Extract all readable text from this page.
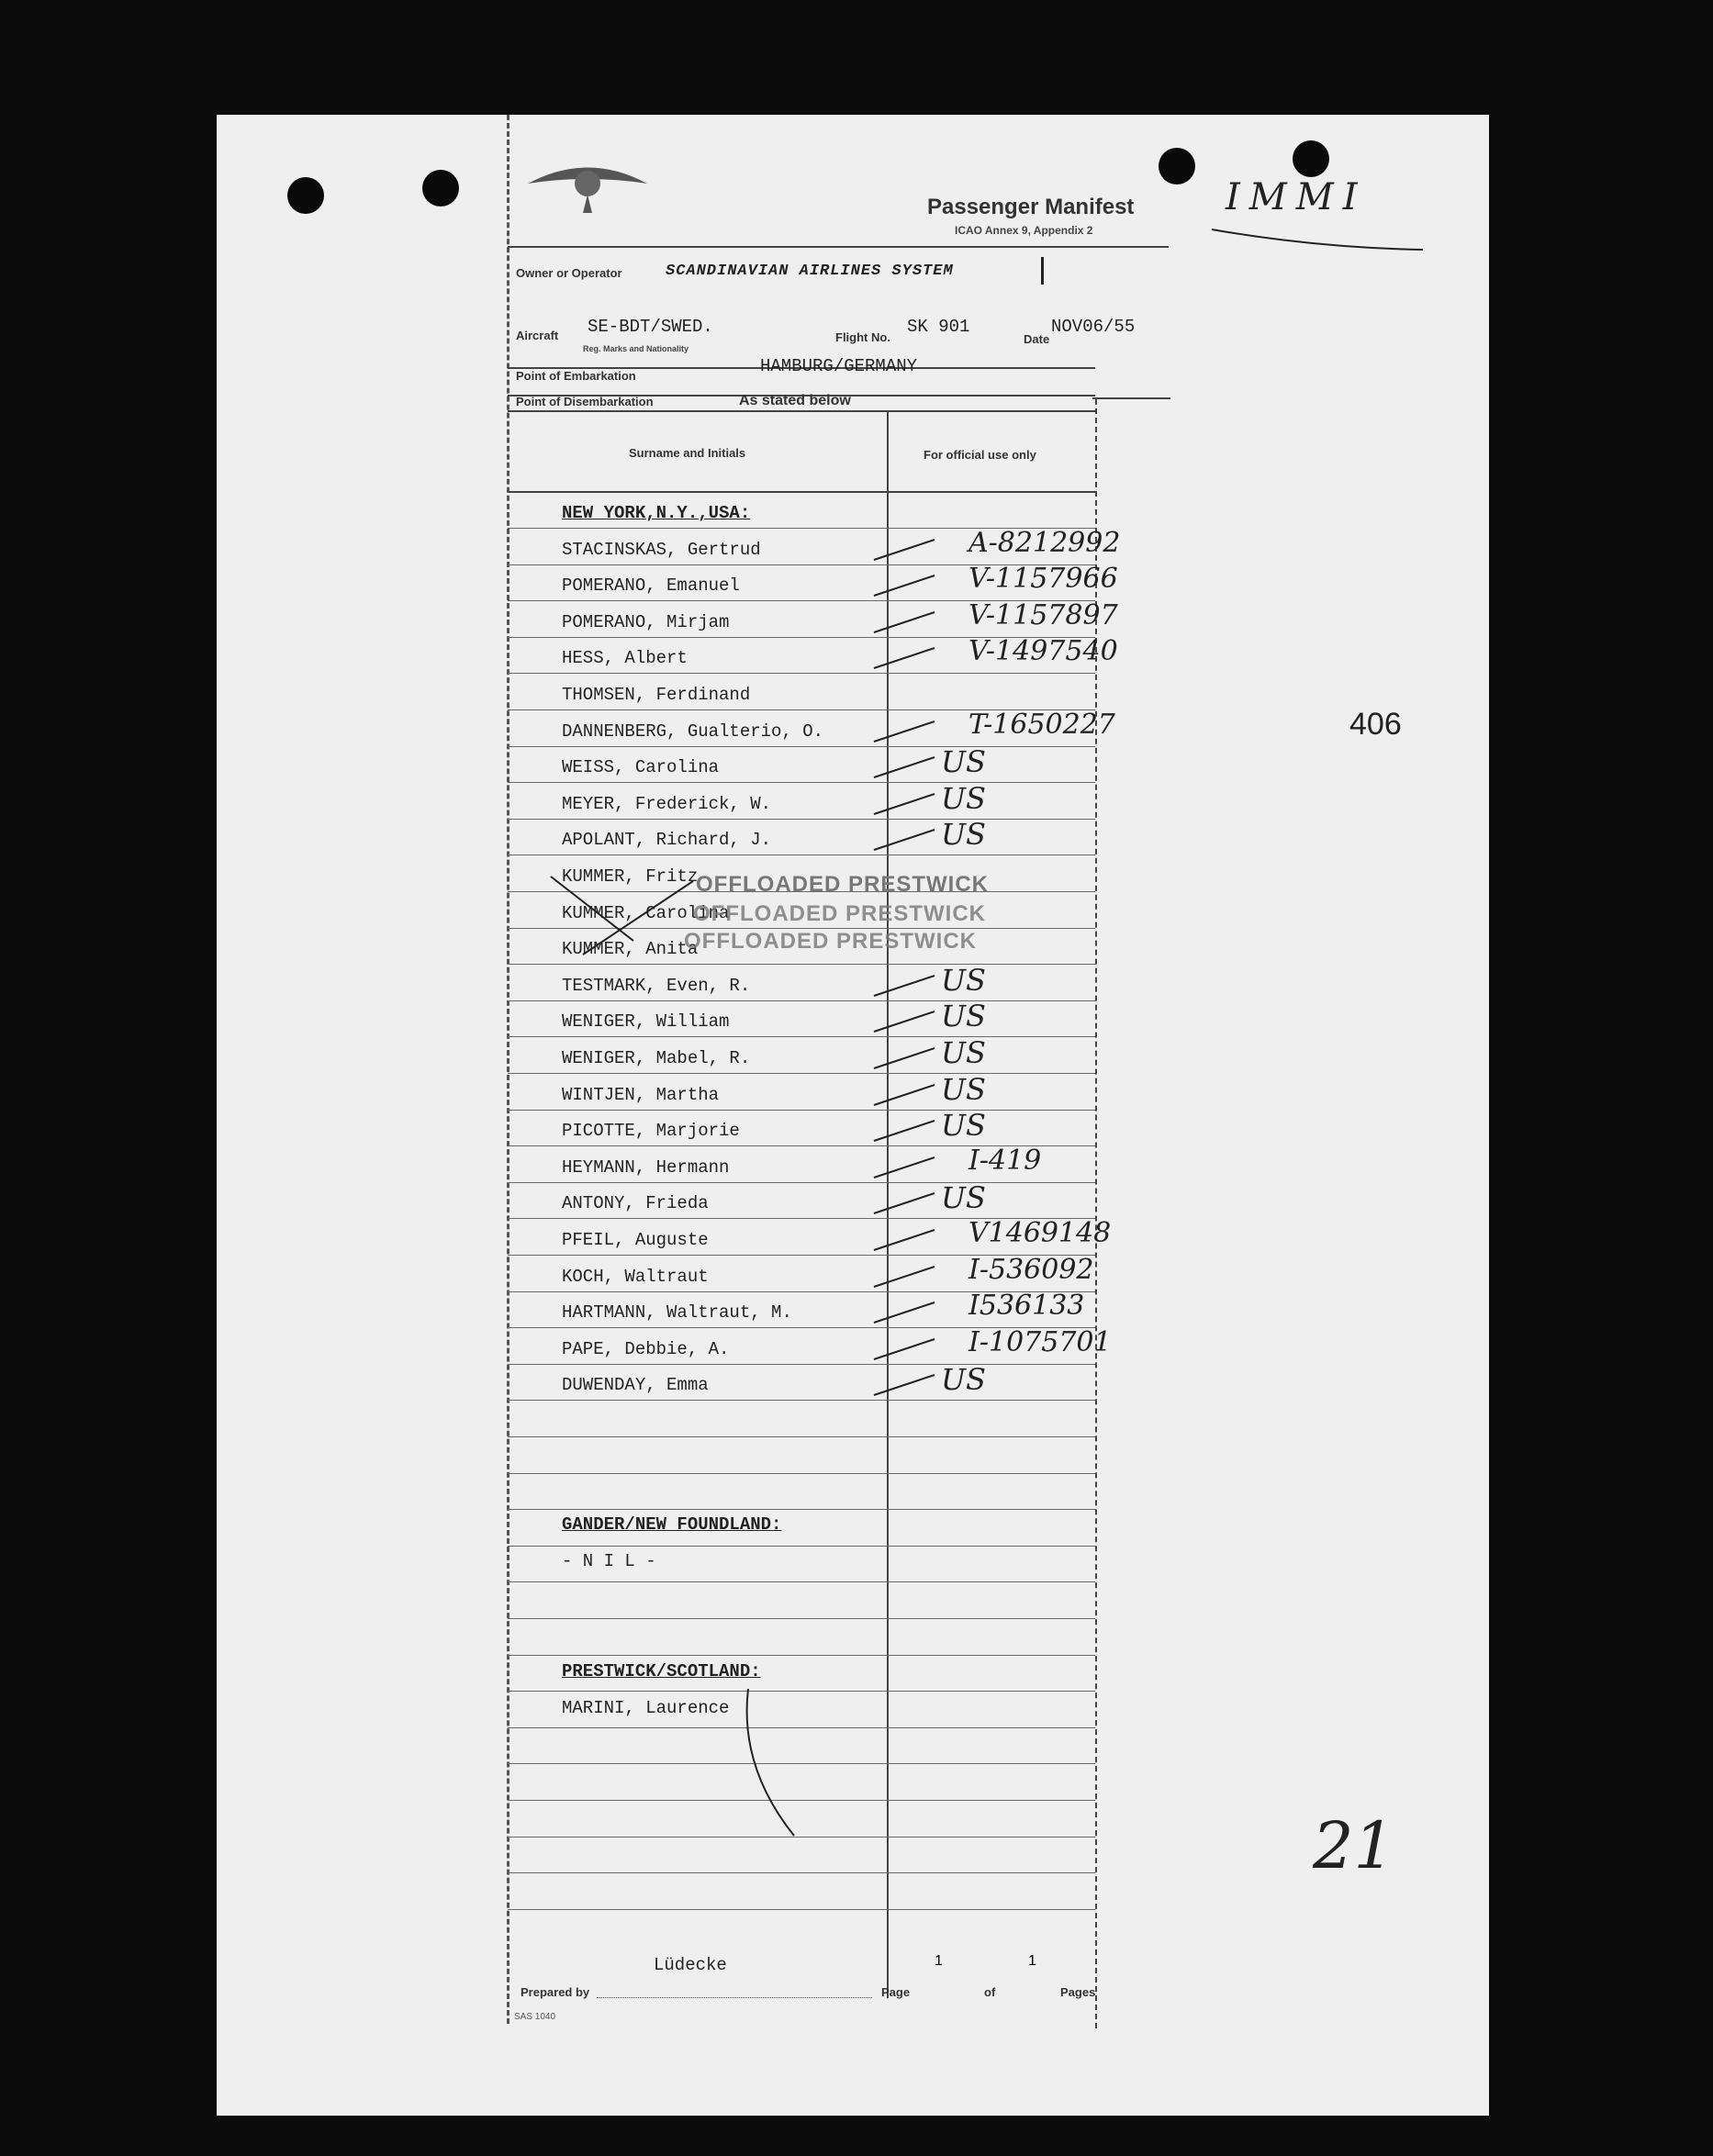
Passenger Manifest
ICAO Annex 9, Appendix 2
Owner or Operator	SCANDINAVIAN AIRLINES SYSTEM
Aircraft SE-BDT/SWED.
Reg. Marks and Nationality
Flight No.
SK 901
Date
NOV06/55
Point of Embarkation	HAMBURG/GERMANY
Point of Disembarkation	As stated below
Surname and Initials	For official use only
NEW YORK,N.Y.,USA:
STACINSKAS, Gertrud	A-8212992
POMERANO, Emanuel	V-1157966
POMERANO, Mirjam	V-1157897
HESS, Albert	V-1497540
THOMSEN, Ferdinand
DANNENBERG, Gualterio, O.	T-1650227
WEISS, Carolina	US
MEYER, Frederick, W.	US
APOLANT, Richard, J.	US
KUMMER, Fritz
KUMMER, Carolina
KUMMER, Anita
TESTMARK, Even, R.	US
WENIGER, William	US
WENIGER, Mabel, R.	US
WINTJEN, Martha	US
PICOTTE, Marjorie	US
HEYMANN, Hermann	I-419
ANTONY, Frieda	US
PFEIL, Auguste	V1469148
KOCH, Waltraut	I-536092
HARTMANN, Waltraut, M.	I536133
PAPE, Debbie, A.	I-1075701
DUWENDAY, Emma	US
GANDER/NEW FOUNDLAND:
- N I L -
PRESTWICK/SCOTLAND:
MARINI, Laurence
OFFLOADED PRESTWICK
OFFLOADED PRESTWICK
OFFLOADED PRESTWICK
IMMI
406
21
Lüdecke
Prepared by	Page
1
of
1
Pages
SAS 1040
